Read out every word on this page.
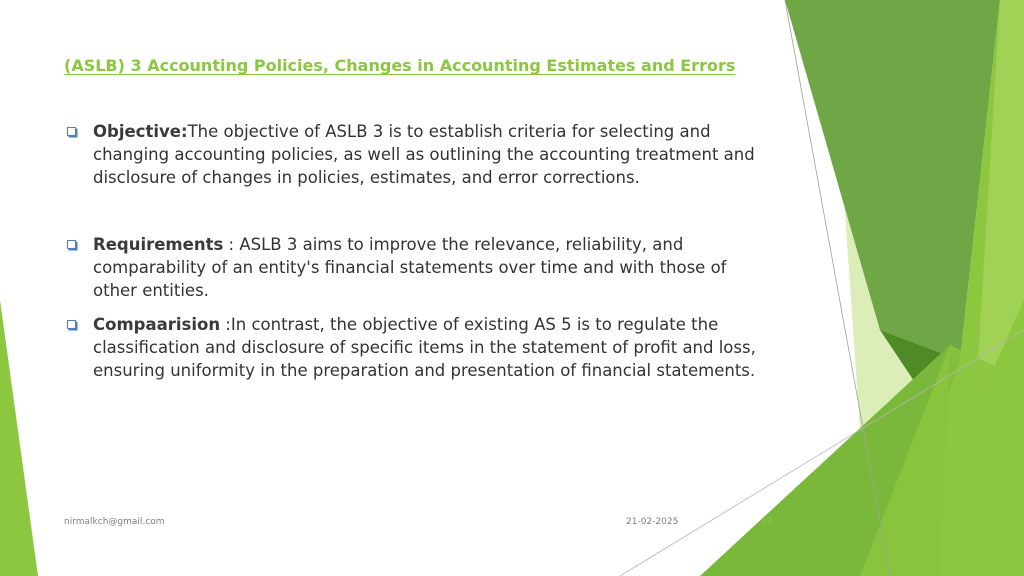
(ASLB) 3 Accounting Policies, Changes in Accounting Estimates and Errors
Objective:The objective of ASLB 3 is to establish criteria for selecting and changing accounting policies, as well as outlining the accounting treatment and disclosure of changes in policies, estimates, and error corrections.
Requirements : ASLB 3 aims to improve the relevance, reliability, and comparability of an entity's financial statements over time and with those of other entities.
Compaarision :In contrast, the objective of existing AS 5 is to regulate the classification and disclosure of specific items in the statement of profit and loss, ensuring uniformity in the preparation and presentation of financial statements.
nirmalkch@gmail.com	21-02-2025	12
